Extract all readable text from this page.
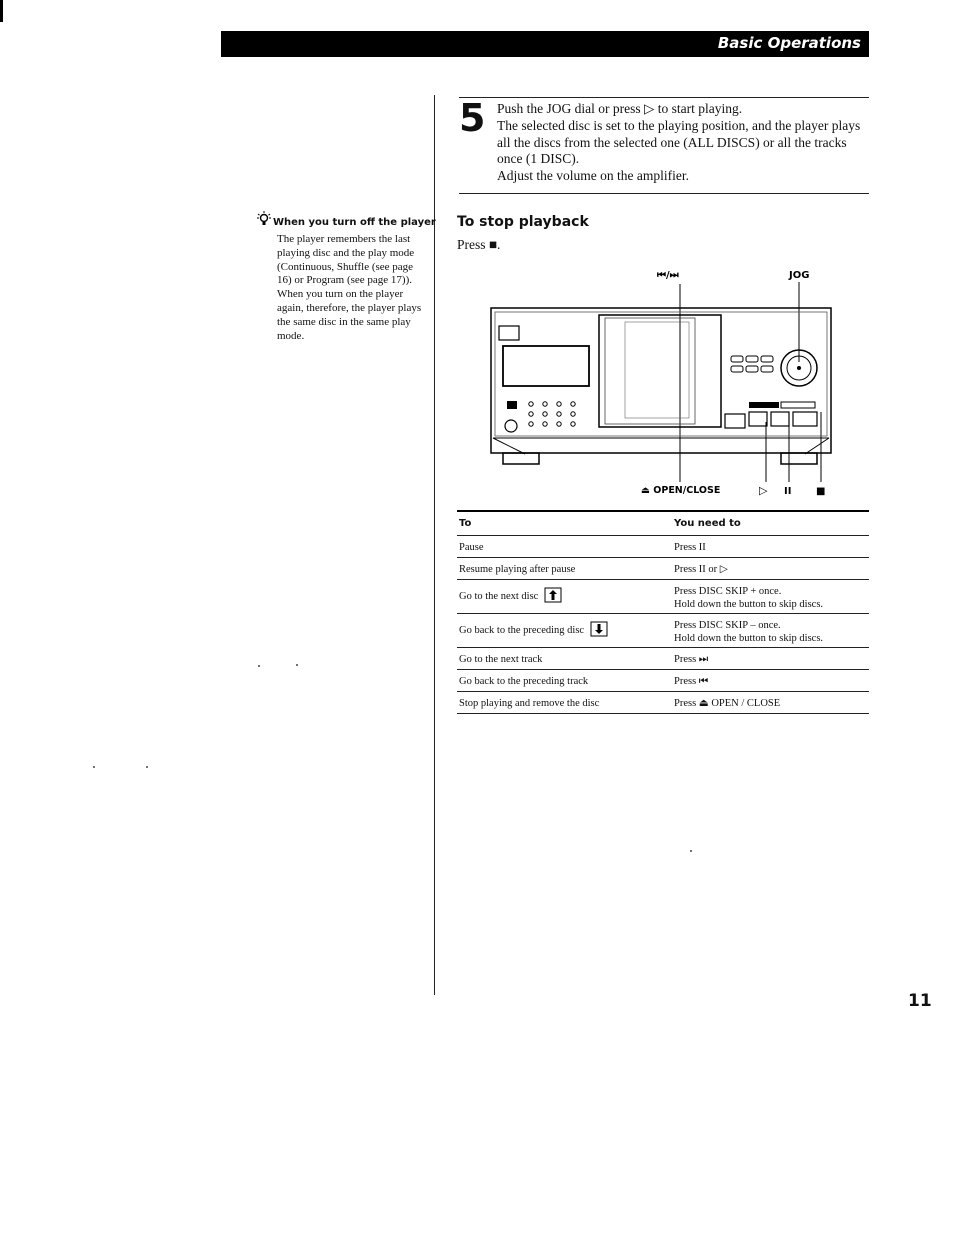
Basic Operations
When you turn off the player
The player remembers the last playing disc and the play mode (Continuous, Shuffle (see page 16) or Program (see page 17)). When you turn on the player again, therefore, the player plays the same disc in the same play mode.
5 Push the JOG dial or press ▷ to start playing.

The selected disc is set to the playing position, and the player plays all the discs from the selected one (ALL DISCS) or all the tracks once (1 DISC).

Adjust the volume on the amplifier.

To stop playback
Press ■.
⏮/⏭	JOG
⏏ OPEN/CLOSE	▷ II ■
To	You need to
Pause	Press II
Resume playing after pause	Press II or ▷
Go to the next disc	Press DISC SKIP + once.
Hold down the button to skip discs.
Go back to the preceding disc	Press DISC SKIP – once.
Hold down the button to skip discs.
Go to the next track	Press ⏭
Go back to the preceding track	Press ⏮
Stop playing and remove the disc	Press ⏏ OPEN / CLOSE
11
